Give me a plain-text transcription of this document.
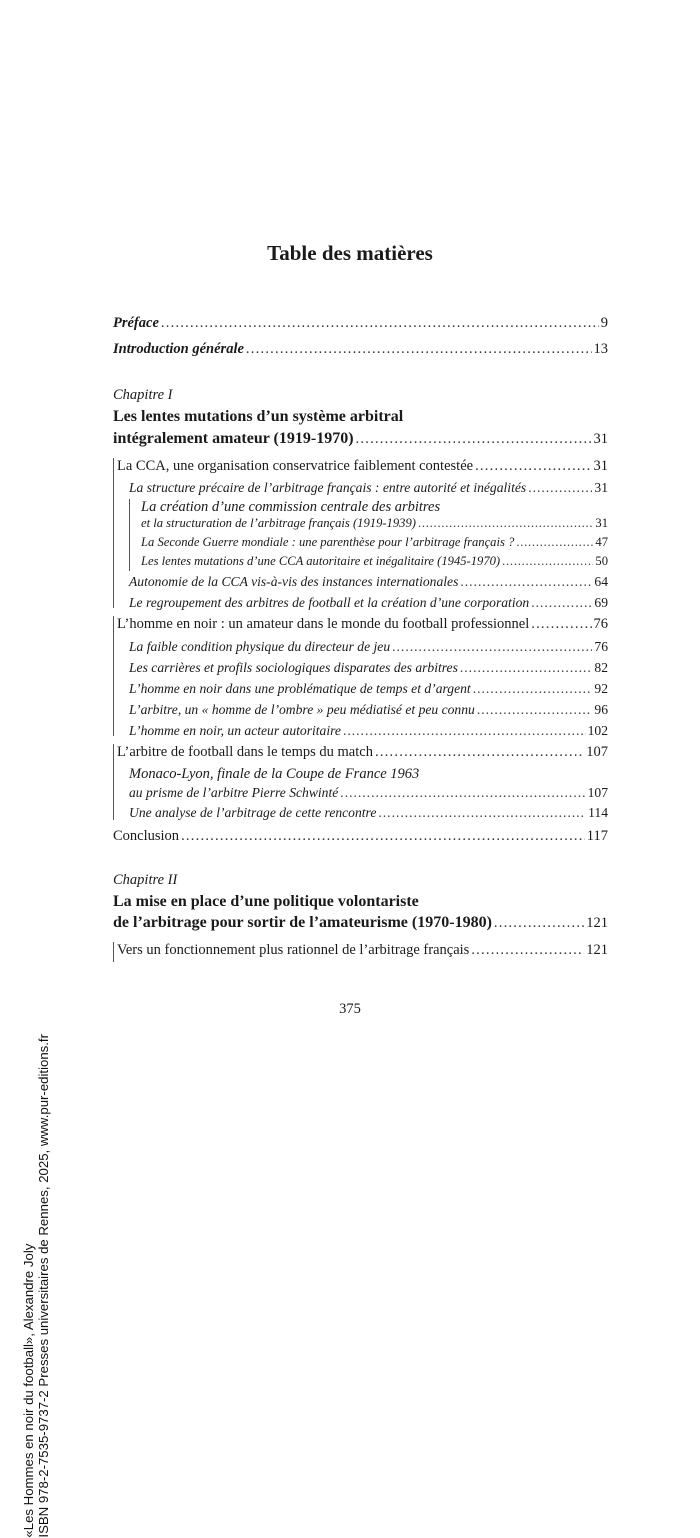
«Les Hommes en noir du football», Alexandre Joly ISBN 978-2-7535-9737-2 Presses universitaires de Rennes, 2025, www.pur-editions.fr
Table des matières
Préface . . .	9
Introduction générale . . .	13
Chapitre I
Les lentes mutations d’un système arbitral
intégralement amateur (1919-1970) . . .	31
La CCA, une organisation conservatrice faiblement contestée . . .	31
La structure précaire de l’arbitrage français : entre autorité et inégalités . . .	31
La création d’une commission centrale des arbitres
et la structuration de l’arbitrage français (1919-1939) . . .	31
La Seconde Guerre mondiale : une parenthèse pour l’arbitrage français ? . . .	47
Les lentes mutations d’une CCA autoritaire et inégalitaire (1945-1970) . . .	50
Autonomie de la CCA vis-à-vis des instances internationales . . .	64
Le regroupement des arbitres de football et la création d’une corporation . . .	69
L’homme en noir : un amateur dans le monde du football professionnel . . .	76
La faible condition physique du directeur de jeu . . .	76
Les carrières et profils sociologiques disparates des arbitres . . .	82
L’homme en noir dans une problématique de temps et d’argent . . .	92
L’arbitre, un « homme de l’ombre » peu médiatisé et peu connu . . .	96
L’homme en noir, un acteur autoritaire . . .	102
L’arbitre de football dans le temps du match . . .	107
Monaco-Lyon, finale de la Coupe de France 1963
au prisme de l’arbitre Pierre Schwinté . . .	107
Une analyse de l’arbitrage de cette rencontre . . .	114
Conclusion . . .	117
Chapitre II
La mise en place d’une politique volontariste
de l’arbitrage pour sortir de l’amateurisme (1970-1980) . . .	121
Vers un fonctionnement plus rationnel de l’arbitrage français . . .	121
375
